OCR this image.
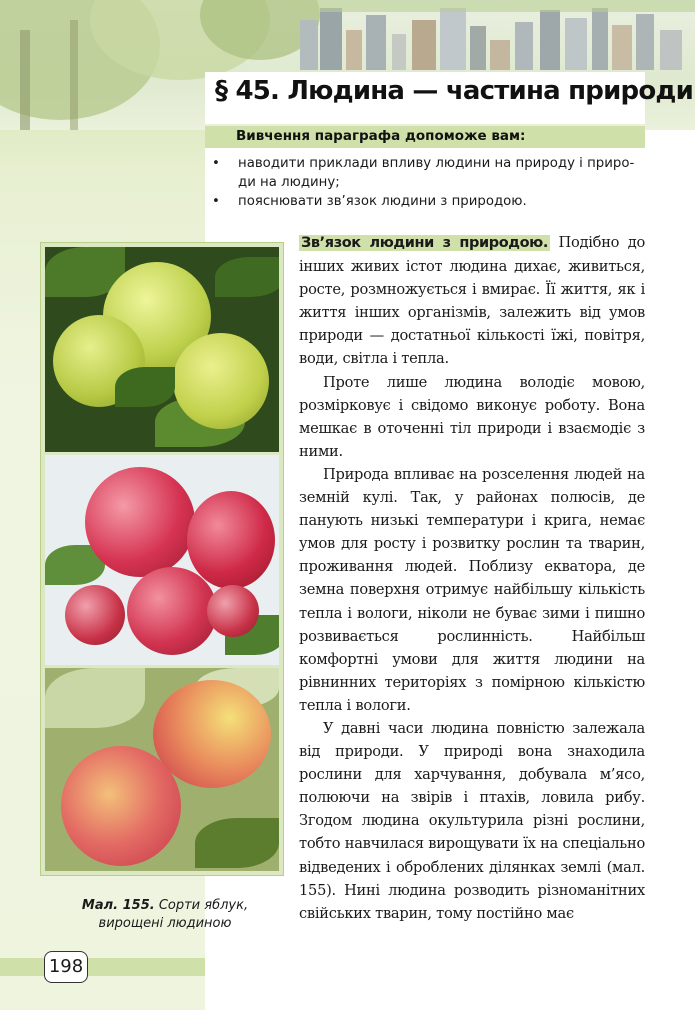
§ 45. Людина — частина природи
Вивчення параграфа допоможе вам:
• наводити приклади впливу людини на природу і приро-ди на людину;
• пояснювати зв’язок людини з природою.
Мал. 155. Сорти яблук, вирощені людиною

Зв’язок людини з природою. Подібно до інших живих істот людина дихає, живиться, росте, розмножується і вмирає. Її життя, як і життя інших організмів, залежить від умов природи — достатньої кількості їжі, повітря, води, світла і тепла.

Проте лише людина володіє мовою, розмірковує і свідомо виконує роботу. Вона мешкає в оточенні тіл природи і взаємодіє з ними.

Природа впливає на розселення людей на земній кулі. Так, у районах полюсів, де панують низькі температури і крига, немає умов для росту і розвитку рослин та тварин, проживання людей. Поблизу екватора, де земна поверхня отримує найбільшу кількість тепла і вологи, ніколи не буває зими і пишно розвивається рослинність. Найбільш комфортні умови для життя людини на рівнинних територіях з помірною кількістю тепла і вологи.

У давні часи людина повністю залежала від природи. У природі вона знаходила рослини для харчування, добувала м’ясо, полюючи на звірів і птахів, ловила рибу. Згодом людина окультурила різні рослини, тобто навчилася вирощувати їх на спеціально відведених і оброблених ділянках землі (мал. 155). Нині людина розводить різноманітних свійських тварин, тому постійно має

198
